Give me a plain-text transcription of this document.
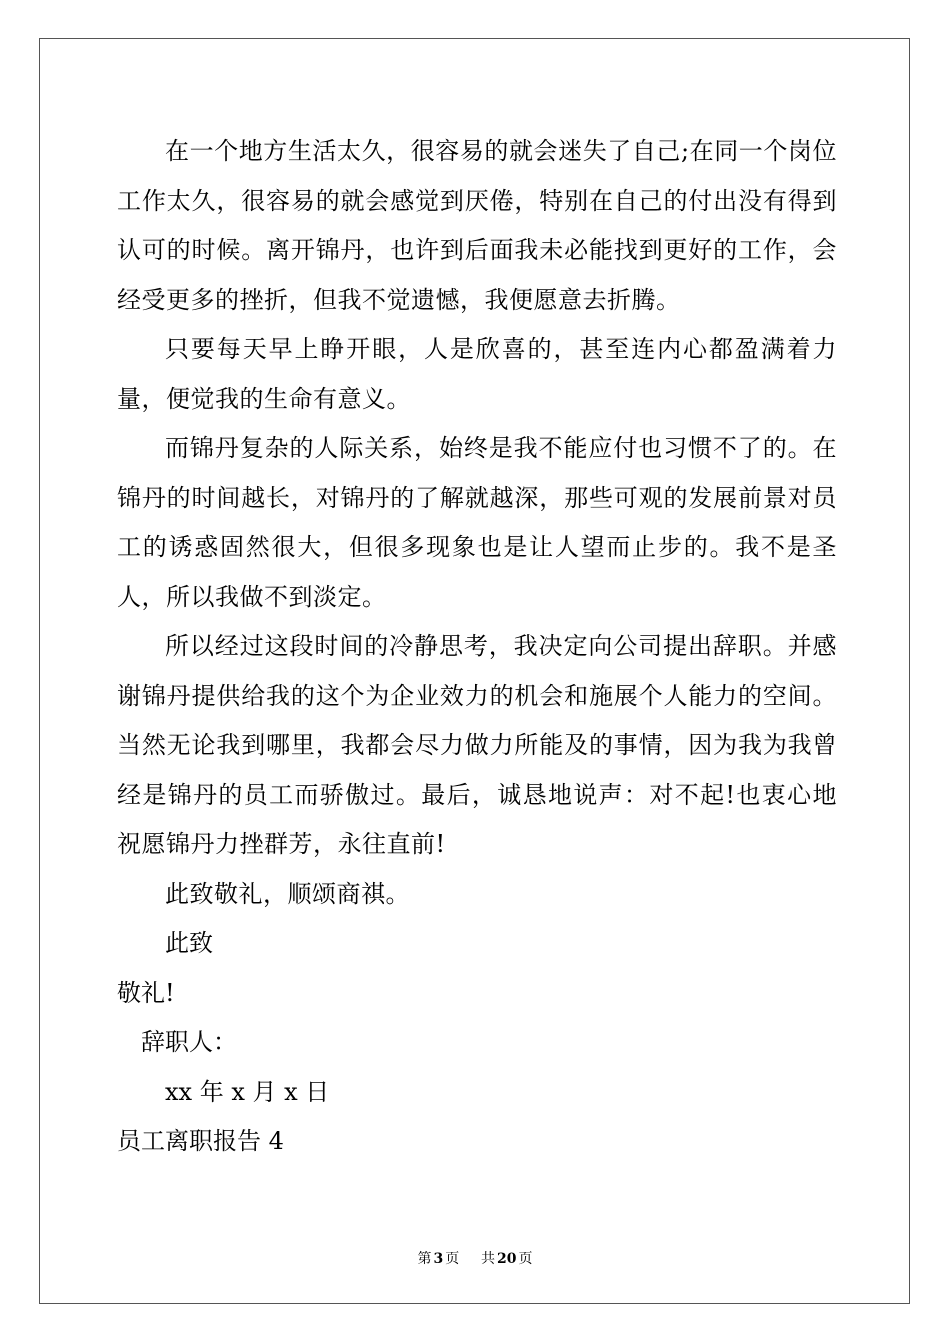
在一个地方生活太久，很容易的就会迷失了自己;在同一个岗位工作太久，很容易的就会感觉到厌倦，特别在自己的付出没有得到认可的时候。离开锦丹，也许到后面我未必能找到更好的工作，会经受更多的挫折，但我不觉遗憾，我便愿意去折腾。

只要每天早上睁开眼，人是欣喜的，甚至连内心都盈满着力量，便觉我的生命有意义。

而锦丹复杂的人际关系，始终是我不能应付也习惯不了的。在锦丹的时间越长，对锦丹的了解就越深，那些可观的发展前景对员工的诱惑固然很大，但很多现象也是让人望而止步的。我不是圣人，所以我做不到淡定。

所以经过这段时间的冷静思考，我决定向公司提出辞职。并感谢锦丹提供给我的这个为企业效力的机会和施展个人能力的空间。当然无论我到哪里，我都会尽力做力所能及的事情，因为我为我曾经是锦丹的员工而骄傲过。最后，诚恳地说声：对不起!也衷心地祝愿锦丹力挫群芳，永往直前!

此致敬礼，顺颂商祺。

此致

敬礼!

辞职人：

xx 年 x 月 x 日

员工离职报告 4

第 3 页 共 20 页
